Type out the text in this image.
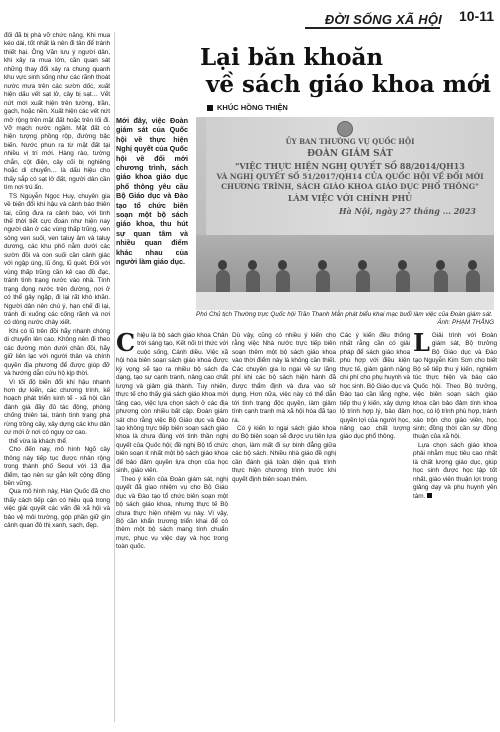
ĐỜI SỐNG XÃ HỘI 10-11

đối đã bị phá vỡ chức năng. Khi mua kéo dài, tốt nhất là nên đi tân để tránh thiết hại. Ông Văn lưu ý người dân, khi xây ra mua lớn, cần quan sát những thay đổi xảy ra chung quanh khu vực sinh sống như các rãnh thoát nước mưa trên các sườn dốc, xuất hiện dấu vết sạt lở, cây bị sạt… Vết nứt mới xuất hiện trên tường, trần, gạch, hoặc nền. Xuất hiện các vết nứt mở rộng trên mặt đất hoặc trên lối đi. Vỡ mạch nước ngầm. Mặt đất có hiện tượng phồng rộp, đường bậc biến. Nước phun ra từ mặt đất tại nhiều vị trí mới. Hàng rào, tường chắn, cột điện, cây cối bị nghiêng hoặc di chuyển… là dấu hiệu cho thấy sắp có sạt lở đất, người dân cần tìm nơi trú ẩn.

TS Nguyễn Ngọc Huy, chuyên gia về biến đổi khí hậu và cảnh báo thiên tai, cũng đưa ra cảnh báo, với tình thế thời tiết cực đoan như hiện nay người dân ở các vùng thấp trũng, ven sông ven suối, ven taluy âm và taluy dương, các khu phố nằm dưới các sườn đồi và con suối cần cảnh giác với ngập úng, lũ ống, lũ quét. Đối với vùng thấp trũng cần kê cao đồ đạc, tránh tình trạng nước vào nhà. Tình trạng đọng nước trên đường, nơi ở có thể gây ngập, đi lại rất khó khăn. Người dân nên chú ý, hạn chế đi lại, tránh đi xuống các cống rãnh và nơi có dòng nước chảy xiết.

Khi có lũ trên đồi hãy nhanh chóng di chuyển lên cao. Không nên đi theo các đường mòn dưới chân đồi, hãy giữ liên lạc với người thân và chính quyền địa phương để được giúp đỡ và hướng dẫn cứu hộ kịp thời.

Vì tối độ biến đổi khí hậu nhanh hơn dự kiến, các chương trình, kế hoạch phát triển kinh tế - xã hội cần đánh giá đầy đủ tác động, phòng chống thiên tai, tránh tình trạng phá rừng trồng cây, xây dựng các khu dân cư mới ở nơi có nguy cơ cao.

thể vừa là khách thể.

Cho đến nay, mô hình Ngõ cây thông này tiếp tục được nhân rộng trong thành phố Seoul với 13 địa điểm, tạo nên sự gắn kết cộng đồng bền vững.

Qua mô hình này, Hàn Quốc đã cho thấy cách tiếp cận có hiệu quả trong việc giải quyết các vấn đề xã hội và bảo vệ môi trường, góp phần giữ gìn cảnh quan đô thị xanh, sạch, đẹp.

Lại băn khoăn
về sách giáo khoa mới
KHÚC HỒNG THIỆN
Mới đây, việc Đoàn giám sát của Quốc hội về thực hiện Nghị quyết của Quốc hội về đổi mới chương trình, sách giáo khoa giáo dục phổ thông yêu cầu Bộ Giáo dục và Đào tạo tổ chức biên soạn một bộ sách giáo khoa, thu hút sự quan tâm và nhiều quan điểm khác nhau của người làm giáo dục.
ỦY BAN THƯỜNG VỤ QUỐC HỘI
ĐOÀN GIÁM SÁT
"VIỆC THỰC HIỆN NGHỊ QUYẾT SỐ 88/2014/QH13
VÀ NGHỊ QUYẾT SỐ 51/2017/QH14 CỦA QUỐC HỘI VỀ ĐỔI MỚI
CHƯƠNG TRÌNH, SÁCH GIÁO KHOA GIÁO DỤC PHỔ THÔNG"
LÀM VIỆC VỚI CHÍNH PHỦ
Hà Nội, ngày 27 tháng ... 2023
Phó Chủ tịch Thường trực Quốc hội Trần Thanh Mẫn phát biểu khai mạc buổi làm việc của Đoàn giám sát.
Ảnh: PHẠM THẮNG

Chiệu là bộ sách giáo khoa Chân trời sáng tạo, Kết nối tri thức với cuộc sống, Cánh diều. Việc xã hội hóa biên soạn sách giáo khoa được kỳ vọng sẽ tạo ra nhiều bộ sách đa dạng, tạo sự cạnh tranh, nâng cao chất lượng và giảm giá thành. Tuy nhiên, thực tế cho thấy giá sách giáo khoa mới tăng cao, việc lựa chọn sách ở các địa phương còn nhiều bất cập. Đoàn giám sát cho rằng việc Bộ Giáo dục và Đào tạo không trực tiếp biên soạn sách giáo khoa là chưa đúng với tinh thần nghị quyết của Quốc hội; đề nghị Bộ tổ chức biên soạn ít nhất một bộ sách giáo khoa để bảo đảm quyền lựa chọn của học sinh, giáo viên.

Theo ý kiến của Đoàn giám sát, nghị quyết đã giao nhiệm vụ cho Bộ Giáo dục và Đào tạo tổ chức biên soạn một bộ sách giáo khoa, nhưng thực tế Bộ chưa thực hiện nhiệm vụ này. Vì vậy, Bộ cần khẩn trương triển khai để có thêm một bộ sách mang tính chuẩn mực, phục vụ việc dạy và học trong toàn quốc.

Dù vậy, cũng có nhiều ý kiến cho rằng việc Nhà nước trực tiếp biên soạn thêm một bộ sách giáo khoa vào thời điểm này là không cần thiết. Các chuyên gia lo ngại về sự lãng phí khi các bộ sách hiện hành đã được thẩm định và đưa vào sử dụng. Hơn nữa, việc này có thể dẫn tới tình trạng độc quyền, làm giảm tính cạnh tranh mà xã hội hóa đã tạo ra.

Có ý kiến lo ngại sách giáo khoa do Bộ biên soạn sẽ được ưu tiên lựa chọn, làm mất đi sự bình đẳng giữa các bộ sách. Nhiều nhà giáo đề nghị cần đánh giá toàn diện quá trình thực hiện chương trình trước khi quyết định biên soạn thêm.

Các ý kiến đều thống nhất rằng cần có giải pháp để sách giáo khoa phù hợp với điều kiện thực tế, giảm gánh nặng chi phí cho phụ huynh và học sinh. Bộ Giáo dục và Đào tạo cần lắng nghe, tiếp thu ý kiến, xây dựng lộ trình hợp lý, bảo đảm quyền lợi của người học, nâng cao chất lượng giáo dục phổ thông.

L Giải trình với Đoàn giám sát, Bộ trưởng Bộ Giáo dục và Đào tạo Nguyễn Kim Sơn cho biết Bộ sẽ tiếp thu ý kiến, nghiêm túc thực hiện và báo cáo Quốc hội. Theo Bộ trưởng, việc biên soạn sách giáo khoa cần bảo đảm tính khoa học, có lộ trình phù hợp, tránh xáo trộn cho giáo viên, học sinh; đồng thời cần sự đồng thuận của xã hội.

Lựa chọn sách giáo khoa phải nhằm mục tiêu cao nhất là chất lượng giáo dục, giúp học sinh được học tập tốt nhất, giáo viên thuận lợi trong giảng dạy và phụ huynh yên tâm.
